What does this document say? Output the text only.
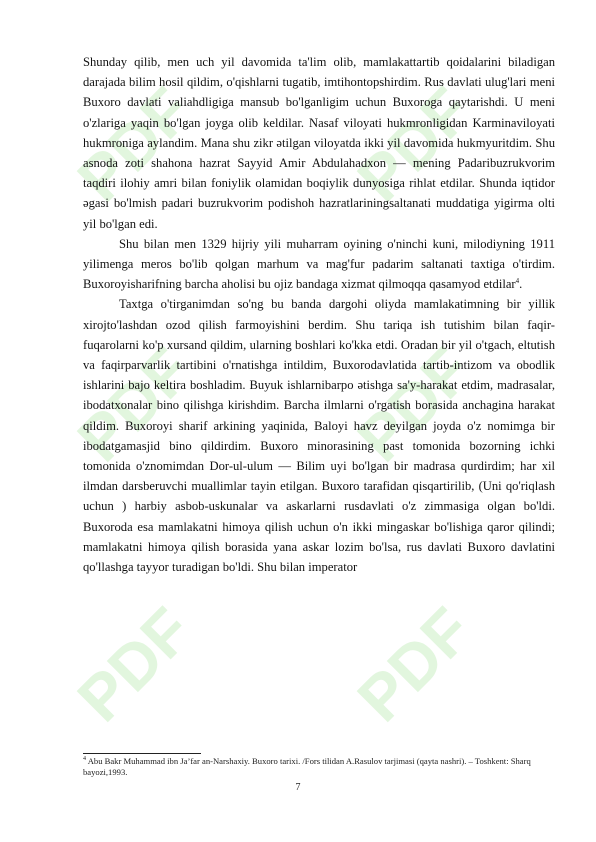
PDF PDF
PDF PDF
PDF PDF

Shunday qilib, men uch yil davomida ta'lim olib, mamlakattartib qoidalarini biladigan darajada bilim hosil qildim, o'qishlarni tugatib, imtihontopshirdim. Rus davlati ulug'lari meni Buxoro davlati valiahdligiga mansub bo'lganligim uchun Buxoroga qaytarishdi. U meni o'zlariga yaqin bo'lgan joyga olib keldilar. Nasaf viloyati hukmronligidan Karminaviloyati hukmroniga aylandim. Mana shu zikr ətilgan viloyatda ikki yil davomida hukmyuritdim. Shu asnoda zoti shahona hazrat Sayyid Amir Abdulahadxon — mening Padaribuzrukvorim taqdiri ilohiy amri bilan foniylik olamidan boqiylik dunyosiga rihlat etdilar. Shunda iqtidor əgasi bo'lmish padari buzrukvorim podishoh hazratlariningsaltanati muddatiga yigirma olti yil bo'lgan edi.

Shu bilan men 1329 hijriy yili muharram oyining o'ninchi kuni, milodiyning 1911 yilimenga meros bo'lib qolgan marhum va mag'fur padarim saltanati taxtiga o'tirdim. Buxoroyisharifning barcha aholisi bu ojiz bandaga xizmat qilmoqqa qasamyod etdilar$^4$.

Taxtga o'tirganimdan so'ng bu banda dargohi oliyda mamlakatimning bir yillik xirojto'lashdan ozod qilish farmoyishini berdim. Shu tariqa ish tutishim bilan faqir-fuqarolarni ko'p xursand qildim, ularning boshlari ko'kka etdi. Oradan bir yil o'tgach, eltutish va faqirparvarlik tartibini o'rnatishga intildim, Buxorodavlatida tartib-intizom va obodlik ishlarini bajo keltira boshladim. Buyuk ishlarnibarpo ətishga sa'y-harakat etdim, madrasalar, ibodatxonalar bino qilishga kirishdim. Barcha ilmlarni o'rgatish borasida anchagina harakat qildim. Buxoroyi sharif arkining yaqinida, Baloyi havz deyilgan joyda o'z nomimga bir ibodatgamasjid bino qildirdim. Buxoro minorasining past tomonida bozorning ichki tomonida o'znomimdan Dor-ul-ulum — Bilim uyi bo'lgan bir madrasa qurdirdim; har xil ilmdan darsberuvchi muallimlar tayin etilgan. Buxoro tarafidan qisqartirilib, (Uni qo'riqlash uchun ) harbiy asbob-uskunalar va askarlarni rusdavlati o'z zimmasiga olgan bo'ldi. Buxoroda esa mamlakatni himoya qilish uchun o'n ikki mingaskar bo'lishiga qaror qilindi; mamlakatni himoya qilish borasida yana askar lozim bo'lsa, rus davlati Buxoro davlatini qo'llashga tayyor turadigan bo'ldi. Shu bilan imperator

$^4$ Abu Bakr Muhammad ibn Ja’far an-Narshaxiy. Buxoro tarixi. /Fors tilidan A.Rasulov tarjimasi (qayta nashri). – Toshkent: Sharq bayozi,1993.
7
